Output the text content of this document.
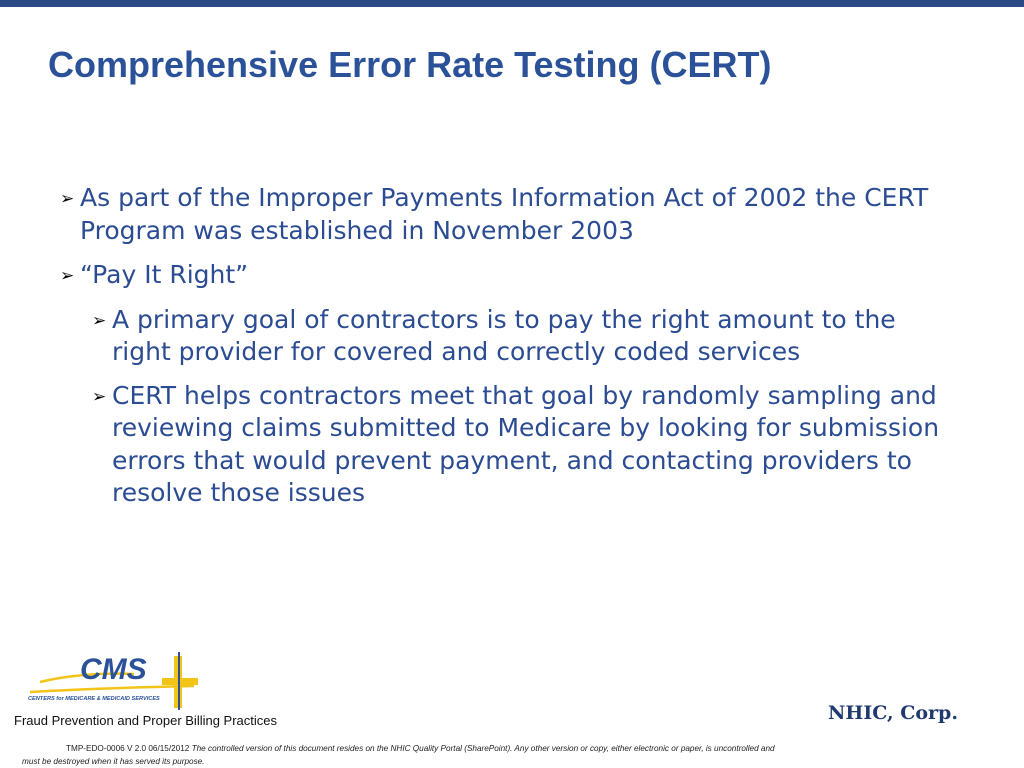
Comprehensive Error Rate Testing (CERT)
➢ As part of the Improper Payments Information Act of 2002 the CERT Program was established in November 2003
➢ “Pay It Right”
➢ A primary goal of contractors is to pay the right amount to the right provider for covered and correctly coded services
➢ CERT helps contractors meet that goal by randomly sampling and reviewing claims submitted to Medicare by looking for submission errors that would prevent payment, and contacting providers to resolve those issues
CMS
CENTERS for MEDICARE & MEDICAID SERVICES
Fraud Prevention and Proper Billing Practices	NHIC, Corp.
TMP-EDO-0006 V 2.0 06/15/2012 The controlled version of this document resides on the NHIC Quality Portal (SharePoint). Any other version or copy, either electronic or paper, is uncontrolled and
must be destroyed when it has served its purpose.
